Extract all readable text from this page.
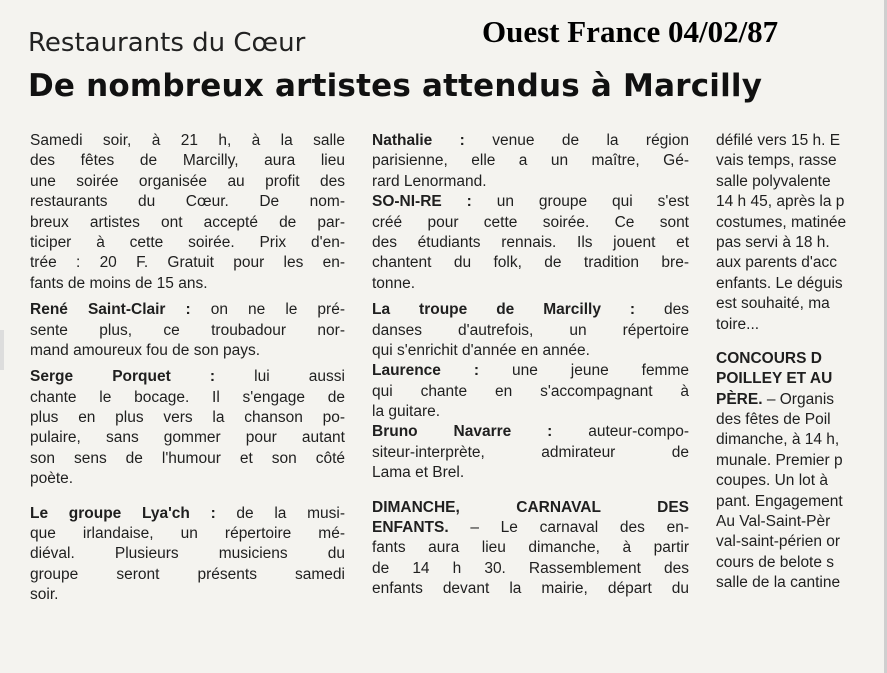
Restaurants du Cœur	Ouest France 04/02/87
De nombreux artistes attendus à Marcilly
Samedi soir, à 21 h, à la salle
des fêtes de Marcilly, aura lieu
une soirée organisée au profit des
restaurants du Cœur. De nom-
breux artistes ont accepté de par-
ticiper à cette soirée. Prix d'en-
trée : 20 F. Gratuit pour les en-
fants de moins de 15 ans.
René Saint-Clair : on ne le pré-
sente plus, ce troubadour nor-
mand amoureux fou de son pays.
Serge Porquet : lui aussi
chante le bocage. Il s'engage de
plus en plus vers la chanson po-
pulaire, sans gommer pour autant
son sens de l'humour et son côté
poète.
Le groupe Lya'ch : de la musi-
que irlandaise, un répertoire mé-
diéval. Plusieurs musiciens du
groupe seront présents samedi
soir.
Nathalie : venue de la région
parisienne, elle a un maître, Gé-
rard Lenormand.
SO-NI-RE : un groupe qui s'est
créé pour cette soirée. Ce sont
des étudiants rennais. Ils jouent et
chantent du folk, de tradition bre-
tonne.
La troupe de Marcilly : des
danses d'autrefois, un répertoire
qui s'enrichit d'année en année.
Laurence : une jeune femme
qui chante en s'accompagnant à
la guitare.
Bruno Navarre : auteur-compo-
siteur-interprète, admirateur de
Lama et Brel.
DIMANCHE, CARNAVAL DES
ENFANTS. – Le carnaval des en-
fants aura lieu dimanche, à partir
de 14 h 30. Rassemblement des
enfants devant la mairie, départ du
défilé vers 15 h. E
vais temps, rasse
salle polyvalente
14 h 45, après la p
costumes, matinée
pas servi à 18 h.
aux parents d'acc
enfants. Le déguis
est souhaité, ma
toire...
CONCOURS D
POILLEY ET AU
PÈRE. – Organis
des fêtes de Poil
dimanche, à 14 h,
munale. Premier p
coupes. Un lot à
pant. Engagement
Au Val-Saint-Pèr
val-saint-périen or
cours de belote s
salle de la cantine
